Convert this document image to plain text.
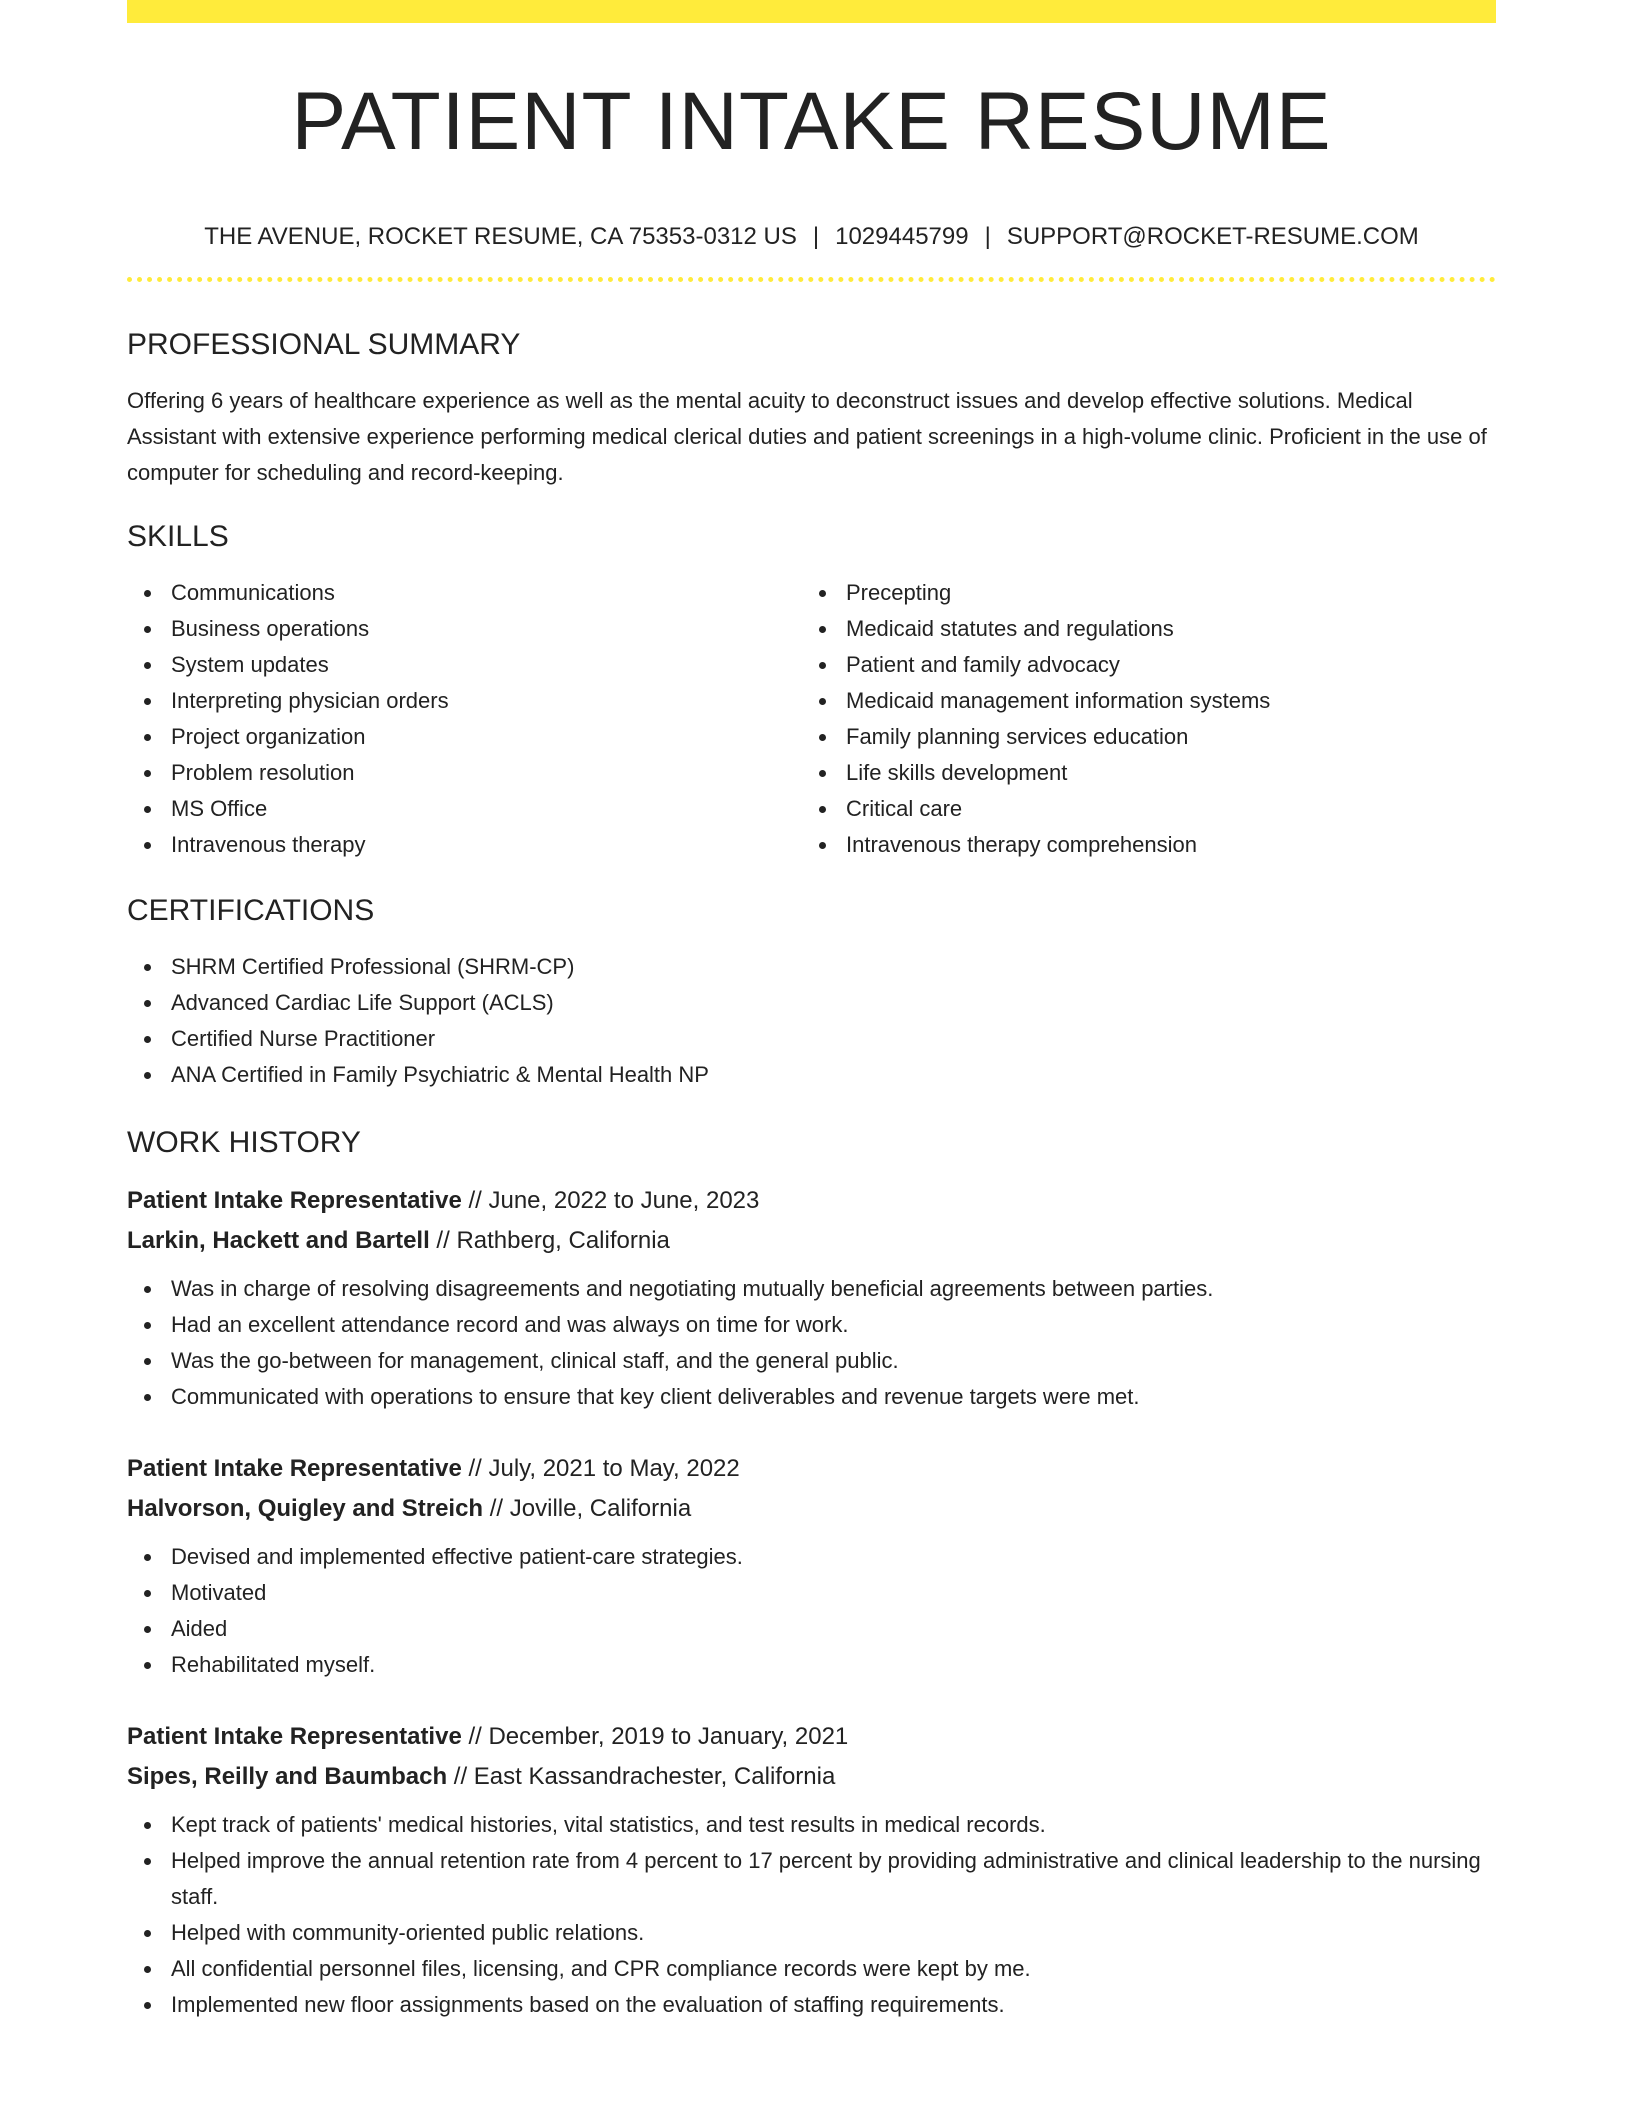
PATIENT INTAKE RESUME
THE AVENUE, ROCKET RESUME, CA 75353-0312 US | 1029445799 | SUPPORT@ROCKET-RESUME.COM
PROFESSIONAL SUMMARY

Offering 6 years of healthcare experience as well as the mental acuity to deconstruct issues and develop effective solutions. Medical Assistant with extensive experience performing medical clerical duties and patient screenings in a high-volume clinic. Proficient in the use of computer for scheduling and record-keeping.

SKILLS
Communications
Business operations
System updates
Interpreting physician orders
Project organization
Problem resolution
MS Office
Intravenous therapy
Precepting
Medicaid statutes and regulations
Patient and family advocacy
Medicaid management information systems
Family planning services education
Life skills development
Critical care
Intravenous therapy comprehension
CERTIFICATIONS
SHRM Certified Professional (SHRM-CP)
Advanced Cardiac Life Support (ACLS)
Certified Nurse Practitioner
ANA Certified in Family Psychiatric & Mental Health NP
WORK HISTORY
Patient Intake Representative // June, 2022 to June, 2023
Larkin, Hackett and Bartell // Rathberg, California
Was in charge of resolving disagreements and negotiating mutually beneficial agreements between parties.
Had an excellent attendance record and was always on time for work.
Was the go-between for management, clinical staff, and the general public.
Communicated with operations to ensure that key client deliverables and revenue targets were met.
Patient Intake Representative // July, 2021 to May, 2022
Halvorson, Quigley and Streich // Joville, California
Devised and implemented effective patient-care strategies.
Motivated
Aided
Rehabilitated myself.
Patient Intake Representative // December, 2019 to January, 2021
Sipes, Reilly and Baumbach // East Kassandrachester, California
Kept track of patients' medical histories, vital statistics, and test results in medical records.
Helped improve the annual retention rate from 4 percent to 17 percent by providing administrative and clinical leadership to the nursing staff.
Helped with community-oriented public relations.
All confidential personnel files, licensing, and CPR compliance records were kept by me.
Implemented new floor assignments based on the evaluation of staffing requirements.
